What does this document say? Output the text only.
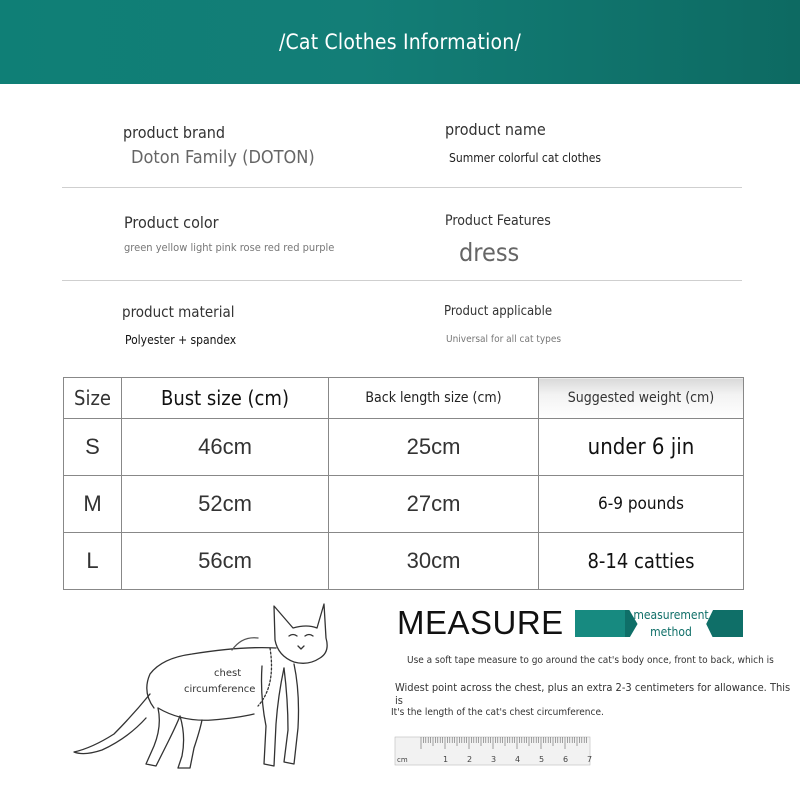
/Cat Clothes Information/
product brand
Doton Family (DOTON)
product name
Summer colorful cat clothes
Product color
green yellow light pink rose red red purple
Product Features
dress
product material
Polyester + spandex
Product applicable
Universal for all cat types
Size	Bust size (cm)	Back length size (cm)	Suggested weight (cm)
S	46cm	25cm	under 6 jin
M	52cm	27cm	6-9 pounds
L	56cm	30cm	8-14 catties
chest
circumference
MEASURE	measurement
method
Use a soft tape measure to go around the cat's body once, front to back, which is
Widest point across the chest, plus an extra 2-3 centimeters for allowance. This is
It's the length of the cat's chest circumference.
cm	1 2 3 4 5 6 7
